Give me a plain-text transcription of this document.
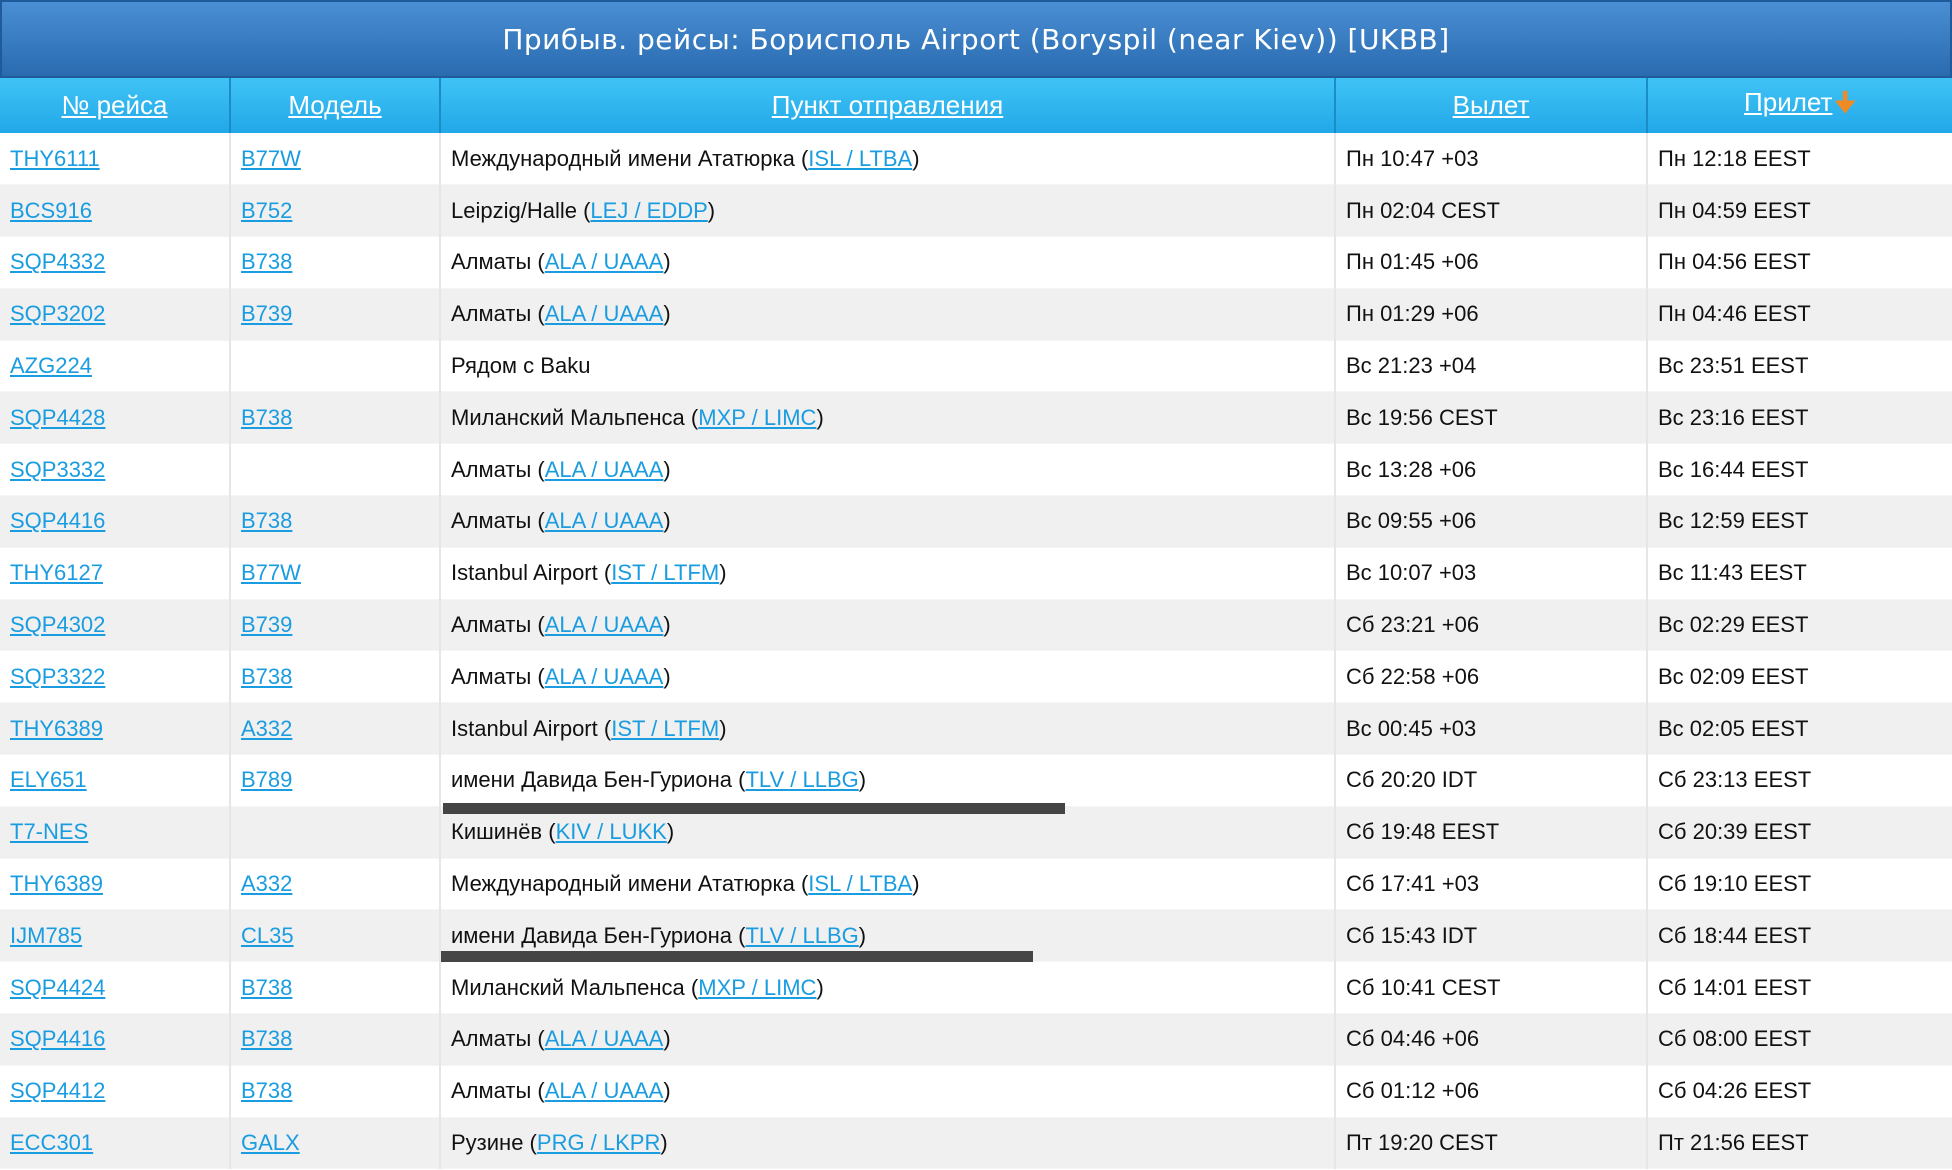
Прибыв. рейсы: Борисполь Airport (Boryspil (near Kiev)) [UKBB]
№ рейса	Модель	Пункт отправления	Вылет	Прилет🠋
THY6111	B77W	Международный имени Ататюрка (ISL / LTBA)	Пн 10:47 +03	Пн 12:18 EEST
BCS916	B752	Leipzig/Halle (LEJ / EDDP)	Пн 02:04 CEST	Пн 04:59 EEST
SQP4332	B738	Алматы (ALA / UAAA)	Пн 01:45 +06	Пн 04:56 EEST
SQP3202	B739	Алматы (ALA / UAAA)	Пн 01:29 +06	Пн 04:46 EEST
AZG224		Рядом с Baku	Вс 21:23 +04	Вс 23:51 EEST
SQP4428	B738	Миланский Мальпенса (MXP / LIMC)	Вс 19:56 CEST	Вс 23:16 EEST
SQP3332		Алматы (ALA / UAAA)	Вс 13:28 +06	Вс 16:44 EEST
SQP4416	B738	Алматы (ALA / UAAA)	Вс 09:55 +06	Вс 12:59 EEST
THY6127	B77W	Istanbul Airport (IST / LTFM)	Вс 10:07 +03	Вс 11:43 EEST
SQP4302	B739	Алматы (ALA / UAAA)	Сб 23:21 +06	Вс 02:29 EEST
SQP3322	B738	Алматы (ALA / UAAA)	Сб 22:58 +06	Вс 02:09 EEST
THY6389	A332	Istanbul Airport (IST / LTFM)	Вс 00:45 +03	Вс 02:05 EEST
ELY651	B789	имени Давида Бен-Гуриона (TLV / LLBG)	Сб 20:20 IDT	Сб 23:13 EEST
T7-NES		Кишинёв (KIV / LUKK)	Сб 19:48 EEST	Сб 20:39 EEST
THY6389	A332	Международный имени Ататюрка (ISL / LTBA)	Сб 17:41 +03	Сб 19:10 EEST
IJM785	CL35	имени Давида Бен-Гуриона (TLV / LLBG)	Сб 15:43 IDT	Сб 18:44 EEST
SQP4424	B738	Миланский Мальпенса (MXP / LIMC)	Сб 10:41 CEST	Сб 14:01 EEST
SQP4416	B738	Алматы (ALA / UAAA)	Сб 04:46 +06	Сб 08:00 EEST
SQP4412	B738	Алматы (ALA / UAAA)	Сб 01:12 +06	Сб 04:26 EEST
ECC301	GALX	Рузине (PRG / LKPR)	Пт 19:20 CEST	Пт 21:56 EEST
